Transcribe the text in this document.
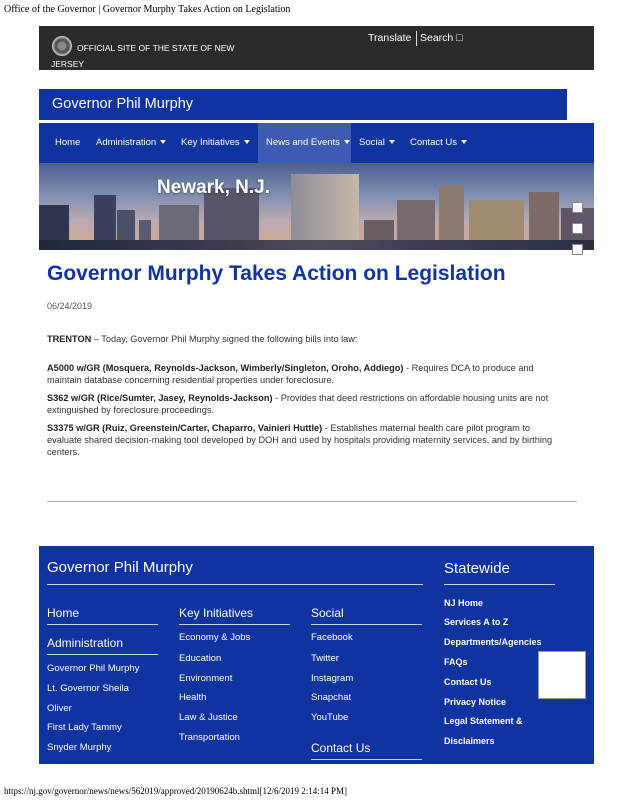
Office of the Governor | Governor Murphy Takes Action on Legislation
OFFICIAL SITE OF THE STATE OF NEW JERSEY
Translate Search □
Governor Phil Murphy
Home	Administration	Key Initiatives	News and Events	Social	Contact Us
Newark, N.J.
Governor Murphy Takes Action on Legislation
06/24/2019
TRENTON – Today, Governor Phil Murphy signed the following bills into law:
A5000 w/GR (Mosquera, Reynolds-Jackson, Wimberly/Singleton, Oroho, Addiego) - Requires DCA to produce and maintain database concerning residential properties under foreclosure.
S362 w/GR (Rice/Sumter, Jasey, Reynolds-Jackson) - Provides that deed restrictions on affordable housing units are not extinguished by foreclosure proceedings.
S3375 w/GR (Ruiz, Greenstein/Carter, Chaparro, Vainieri Huttle) - Establishes maternal health care pilot program to evaluate shared decision-making tool developed by DOH and used by hospitals providing maternity services, and by birthing centers.
Governor Phil Murphy	Statewide
Home
Administration
Governor Phil Murphy
Lt. Governor Sheila
Oliver
First Lady Tammy
Snyder Murphy
Key Initiatives
Economy & Jobs
Education
Environment
Health
Law & Justice
Transportation
Social
Facebook
Twitter
Instagram
Snapchat
YouTube
Contact Us
NJ Home
Services A to Z
Departments/Agencies
FAQs
Contact Us
Privacy Notice
Legal Statement &
Disclaimers
https://nj.gov/governor/news/news/562019/approved/20190624b.shtml[12/6/2019 2:14:14 PM]
